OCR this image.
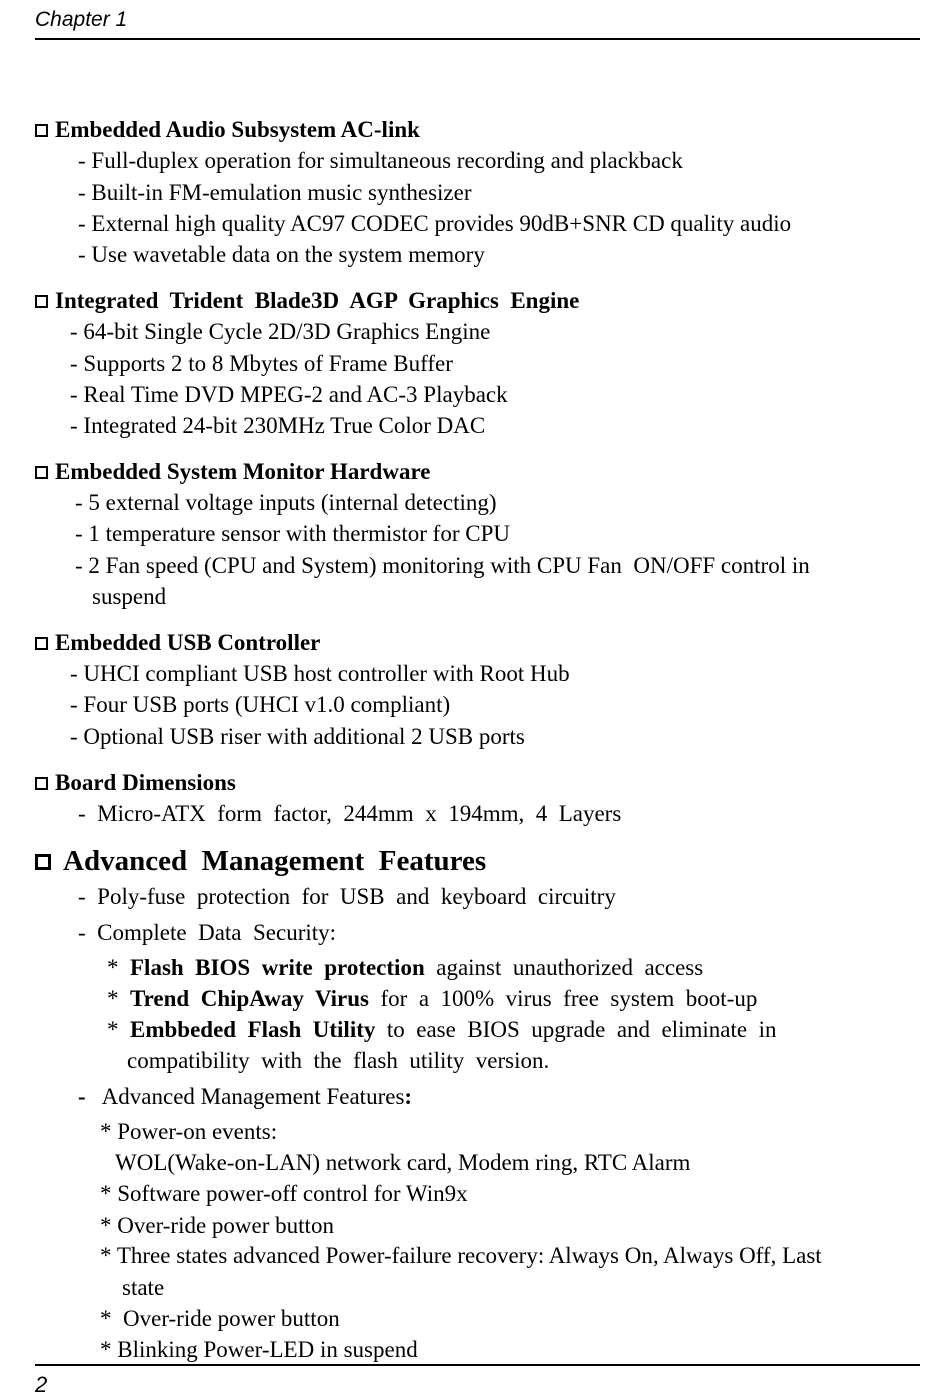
Chapter 1
Embedded Audio Subsystem AC-link
- Full-duplex operation for simultaneous recording and plackback
- Built-in FM-emulation music synthesizer
- External high quality AC97 CODEC provides 90dB+SNR CD quality audio
- Use wavetable data on the system memory
Integrated  Trident  Blade3D  AGP  Graphics  Engine
- 64-bit Single Cycle 2D/3D Graphics Engine
- Supports 2 to 8 Mbytes of Frame Buffer
- Real Time DVD MPEG-2 and AC-3 Playback
- Integrated 24-bit 230MHz True Color DAC
Embedded System Monitor Hardware
- 5 external voltage inputs (internal detecting)
- 1 temperature sensor with thermistor for CPU
- 2 Fan speed (CPU and System) monitoring with CPU Fan  ON/OFF control in
suspend
Embedded USB Controller
- UHCI compliant USB host controller with Root Hub
- Four USB ports (UHCI v1.0 compliant)
- Optional USB riser with additional 2 USB ports
Board Dimensions
-  Micro-ATX  form  factor,  244mm  x  194mm,  4  Layers
Advanced  Management  Features
-  Poly-fuse  protection  for  USB  and  keyboard  circuitry
-  Complete  Data  Security:
* Flash  BIOS  write  protection  against  unauthorized  access
* Trend  ChipAway  Virus  for  a  100%  virus  free  system  boot-up
* Embbeded  Flash  Utility  to  ease  BIOS  upgrade  and  eliminate  in
compatibility  with  the  flash  utility  version.
- Advanced Management Features:
* Power-on events:
WOL(Wake-on-LAN) network card, Modem ring, RTC Alarm
* Software power-off control for Win9x
* Over-ride power button
* Three states advanced Power-failure recovery: Always On, Always Off, Last
state
*  Over-ride power button
* Blinking Power-LED in suspend
2
